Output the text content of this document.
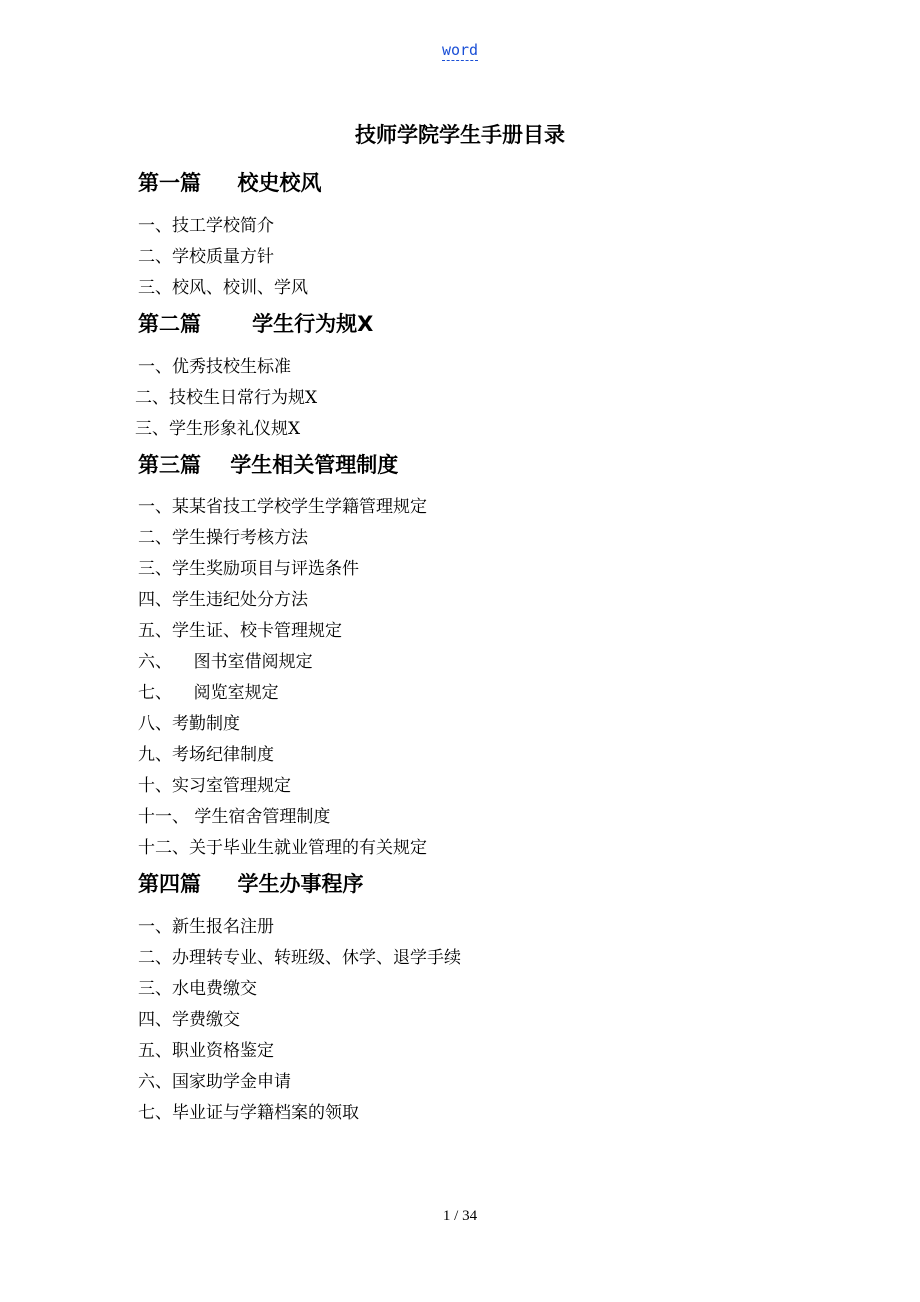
word
技师学院学生手册目录
第一篇     校史校风
一、技工学校简介
二、学校质量方针
三、校风、校训、学风
第二篇       学生行为规X
一、优秀技校生标准
二、技校生日常行为规X
三、学生形象礼仪规X
第三篇    学生相关管理制度
一、某某省技工学校学生学籍管理规定
二、学生操行考核方法
三、学生奖励项目与评选条件
四、学生违纪处分方法
五、学生证、校卡管理规定
六、    图书室借阅规定
七、    阅览室规定
八、考勤制度
九、考场纪律制度
十、实习室管理规定
十一、 学生宿舍管理制度
十二、关于毕业生就业管理的有关规定
第四篇     学生办事程序
一、新生报名注册
二、办理转专业、转班级、休学、退学手续
三、水电费缴交
四、学费缴交
五、职业资格鉴定
六、国家助学金申请
七、毕业证与学籍档案的领取
1 / 34
